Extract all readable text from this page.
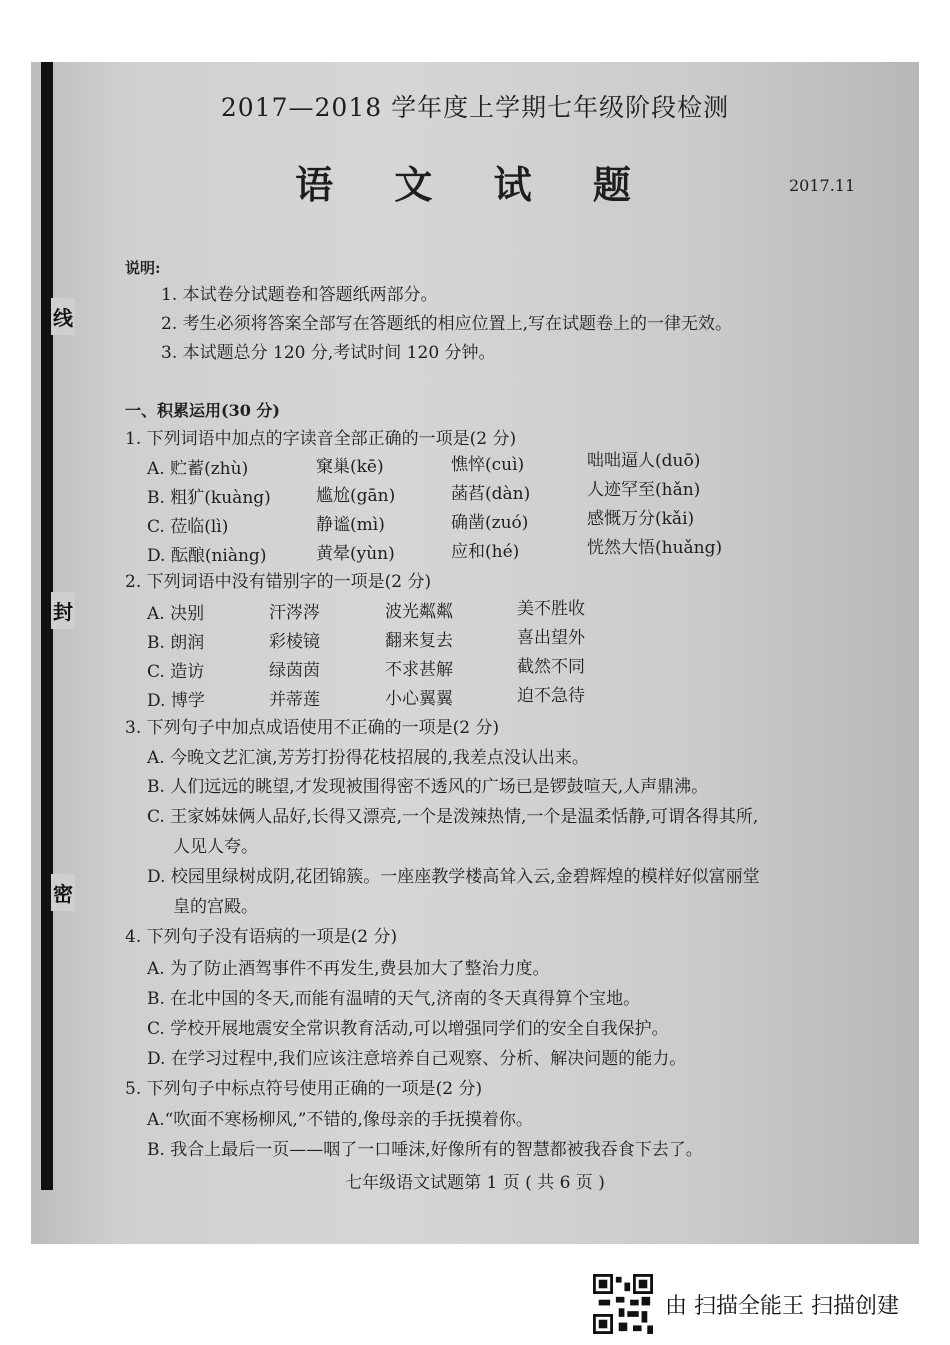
线
封
密
2017—2018 学年度上学期七年级阶段检测
语 文 试 题	2017.11
说明:
1. 本试卷分试题卷和答题纸两部分。
2. 考生必须将答案全部写在答题纸的相应位置上,写在试题卷上的一律无效。
3. 本试题总分 120 分,考试时间 120 分钟。
一、积累运用(30 分)
1. 下列词语中加点的字读音全部正确的一项是(2 分)
A. 贮蓄(zhù)	窠巢(kē)	憔悴(cuì)	咄咄逼人(duō)
B. 粗犷(kuàng)	尴尬(gān)	菡萏(dàn)	人迹罕至(hǎn)
C. 莅临(lì)	静谧(mì)	确凿(zuó)	感慨万分(kǎi)
D. 酝酿(niàng)	黄晕(yùn)	应和(hé)	恍然大悟(huǎng)
2. 下列词语中没有错别字的一项是(2 分)
A. 决别	汗涔涔	波光粼粼	美不胜收
B. 朗润	彩棱镜	翻来复去	喜出望外
C. 造访	绿茵茵	不求甚解	截然不同
D. 博学	并蒂莲	小心翼翼	迫不急待
3. 下列句子中加点成语使用不正确的一项是(2 分)
A. 今晚文艺汇演,芳芳打扮得花枝招展的,我差点没认出来。
B. 人们远远的眺望,才发现被围得密不透风的广场已是锣鼓喧天,人声鼎沸。
C. 王家姊妹俩人品好,长得又漂亮,一个是泼辣热情,一个是温柔恬静,可谓各得其所,
人见人夸。
D. 校园里绿树成阴,花团锦簇。一座座教学楼高耸入云,金碧辉煌的模样好似富丽堂
皇的宫殿。
4. 下列句子没有语病的一项是(2 分)
A. 为了防止酒驾事件不再发生,费县加大了整治力度。
B. 在北中国的冬天,而能有温晴的天气,济南的冬天真得算个宝地。
C. 学校开展地震安全常识教育活动,可以增强同学们的安全自我保护。
D. 在学习过程中,我们应该注意培养自己观察、分析、解决问题的能力。
5. 下列句子中标点符号使用正确的一项是(2 分)
A.“吹面不寒杨柳风,”不错的,像母亲的手抚摸着你。
B. 我合上最后一页——咽了一口唾沫,好像所有的智慧都被我吞食下去了。
七年级语文试题第 1 页 ( 共 6 页 )
由 扫描全能王 扫描创建
